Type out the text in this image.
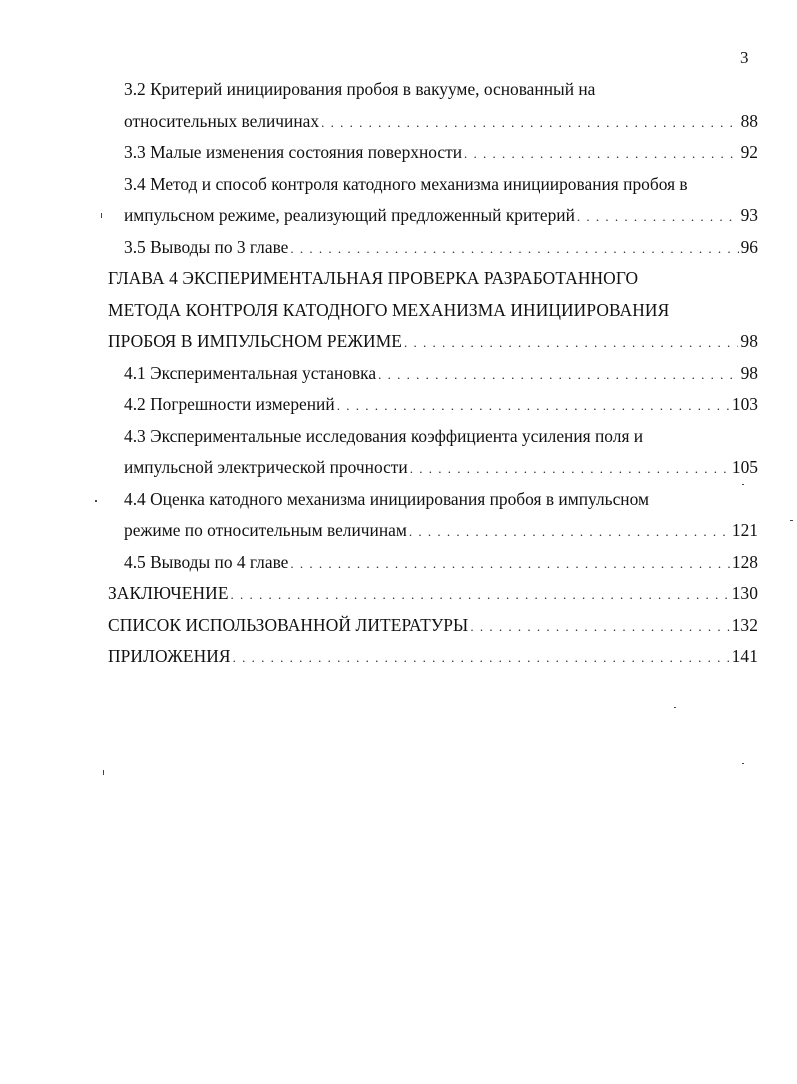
3
3.2 Критерий инициирования пробоя в вакууме, основанный на
относительных величинах . . .	88
3.3 Малые изменения состояния поверхности . . .	92
3.4 Метод и способ контроля катодного механизма инициирования пробоя в
импульсном режиме, реализующий предложенный критерий . . .	93
3.5 Выводы по 3 главе . . .	96
ГЛАВА 4 ЭКСПЕРИМЕНТАЛЬНАЯ ПРОВЕРКА РАЗРАБОТАННОГО
МЕТОДА КОНТРОЛЯ КАТОДНОГО МЕХАНИЗМА ИНИЦИИРОВАНИЯ
ПРОБОЯ В ИМПУЛЬСНОМ РЕЖИМЕ . . .	98
4.1 Экспериментальная установка . . .	98
4.2 Погрешности измерений . . .	103
4.3 Экспериментальные исследования коэффициента усиления поля и
импульсной электрической прочности . . .	105
4.4 Оценка катодного механизма инициирования пробоя в импульсном
режиме по относительным величинам . . .	121
4.5 Выводы по 4 главе . . .	128
ЗАКЛЮЧЕНИЕ . . .	130
СПИСОК ИСПОЛЬЗОВАННОЙ ЛИТЕРАТУРЫ . . .	132
ПРИЛОЖЕНИЯ . . .	141
